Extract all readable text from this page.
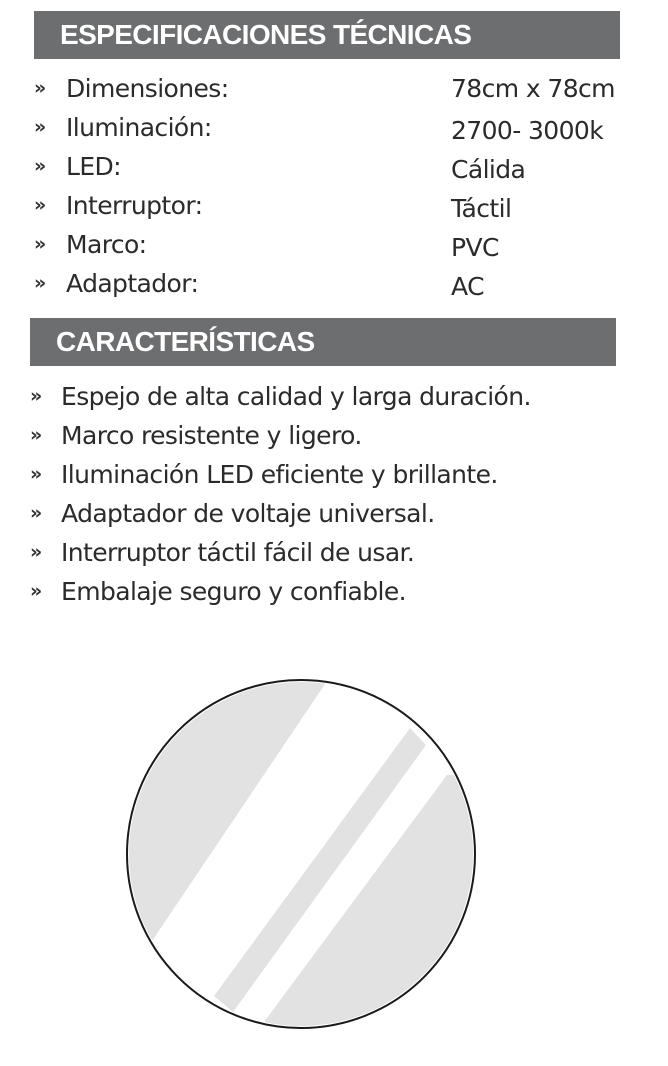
ESPECIFICACIONES TÉCNICAS
» Dimensiones:	78cm x 78cm
» Iluminación:	2700- 3000k
» LED:	Cálida
» Interruptor:	Táctil
» Marco:	PVC
» Adaptador:	AC
CARACTERÍSTICAS
» Espejo de alta calidad y larga duración.
» Marco resistente y ligero.
» Iluminación LED eficiente y brillante.
» Adaptador de voltaje universal.
» Interruptor táctil fácil de usar.
» Embalaje seguro y confiable.
